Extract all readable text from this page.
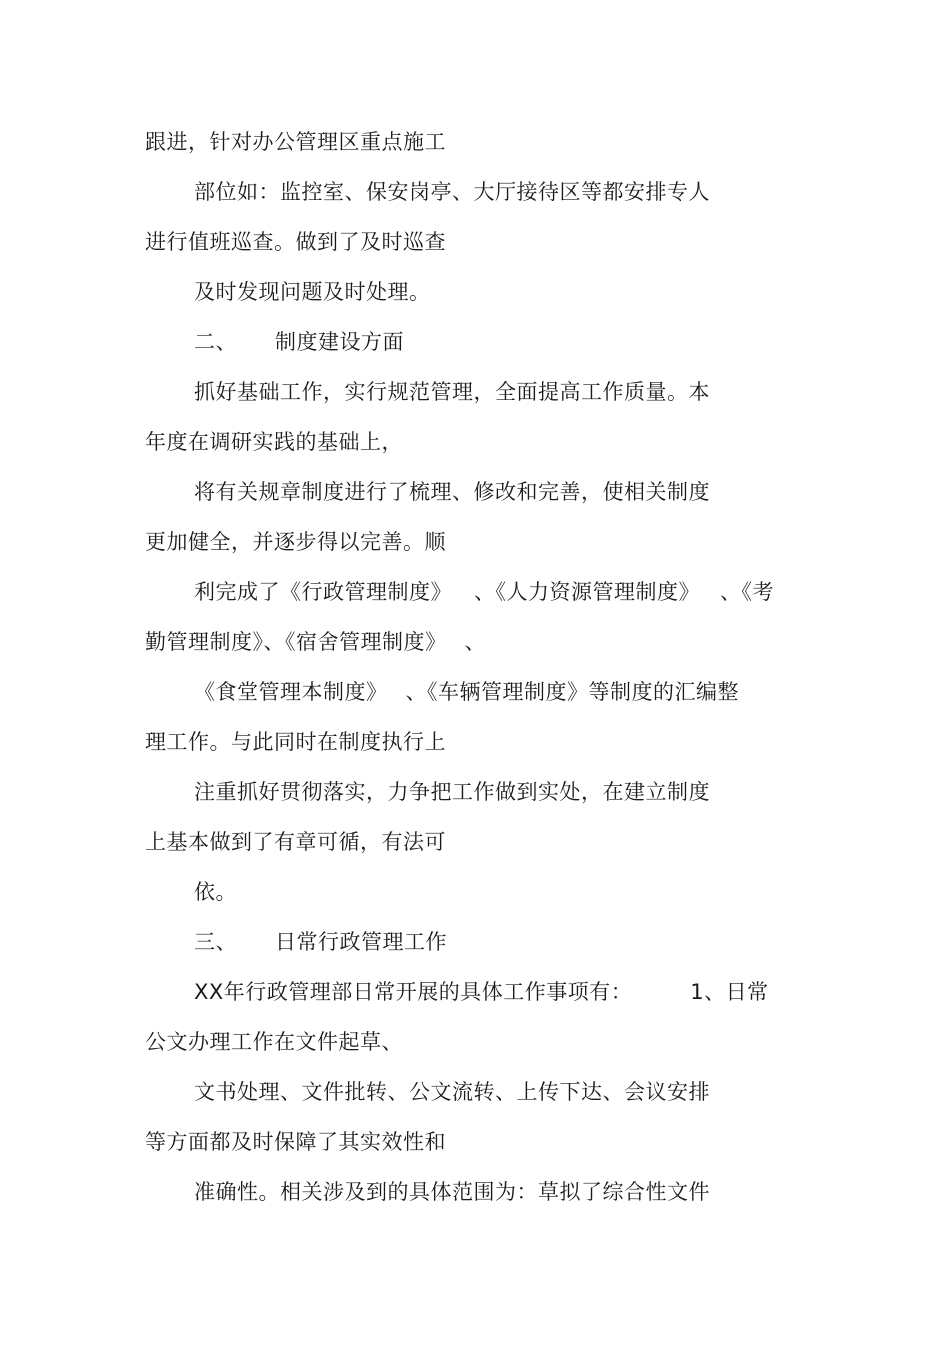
跟进，针对办公管理区重点施工
部位如：监控室、保安岗亭、大厅接待区等都安排专人
进行值班巡查。做到了及时巡查
及时发现问题及时处理。
二、 制度建设方面
抓好基础工作，实行规范管理，全面提高工作质量。本
年度在调研实践的基础上，
将有关规章制度进行了梳理、修改和完善，使相关制度
更加健全，并逐步得以完善。顺
利完成了《行政管理制度》 、《人力资源管理制度》 、《考
勤管理制度》、《宿舍管理制度》 、
《食堂管理本制度》 、《车辆管理制度》等制度的汇编整
理工作。与此同时在制度执行上
注重抓好贯彻落实，力争把工作做到实处，在建立制度
上基本做到了有章可循，有法可
依。
三、 日常行政管理工作
XX年行政管理部日常开展的具体工作事项有：	1、日常
公文办理工作在文件起草、
文书处理、文件批转、公文流转、上传下达、会议安排
等方面都及时保障了其实效性和
准确性。相关涉及到的具体范围为：草拟了综合性文件
